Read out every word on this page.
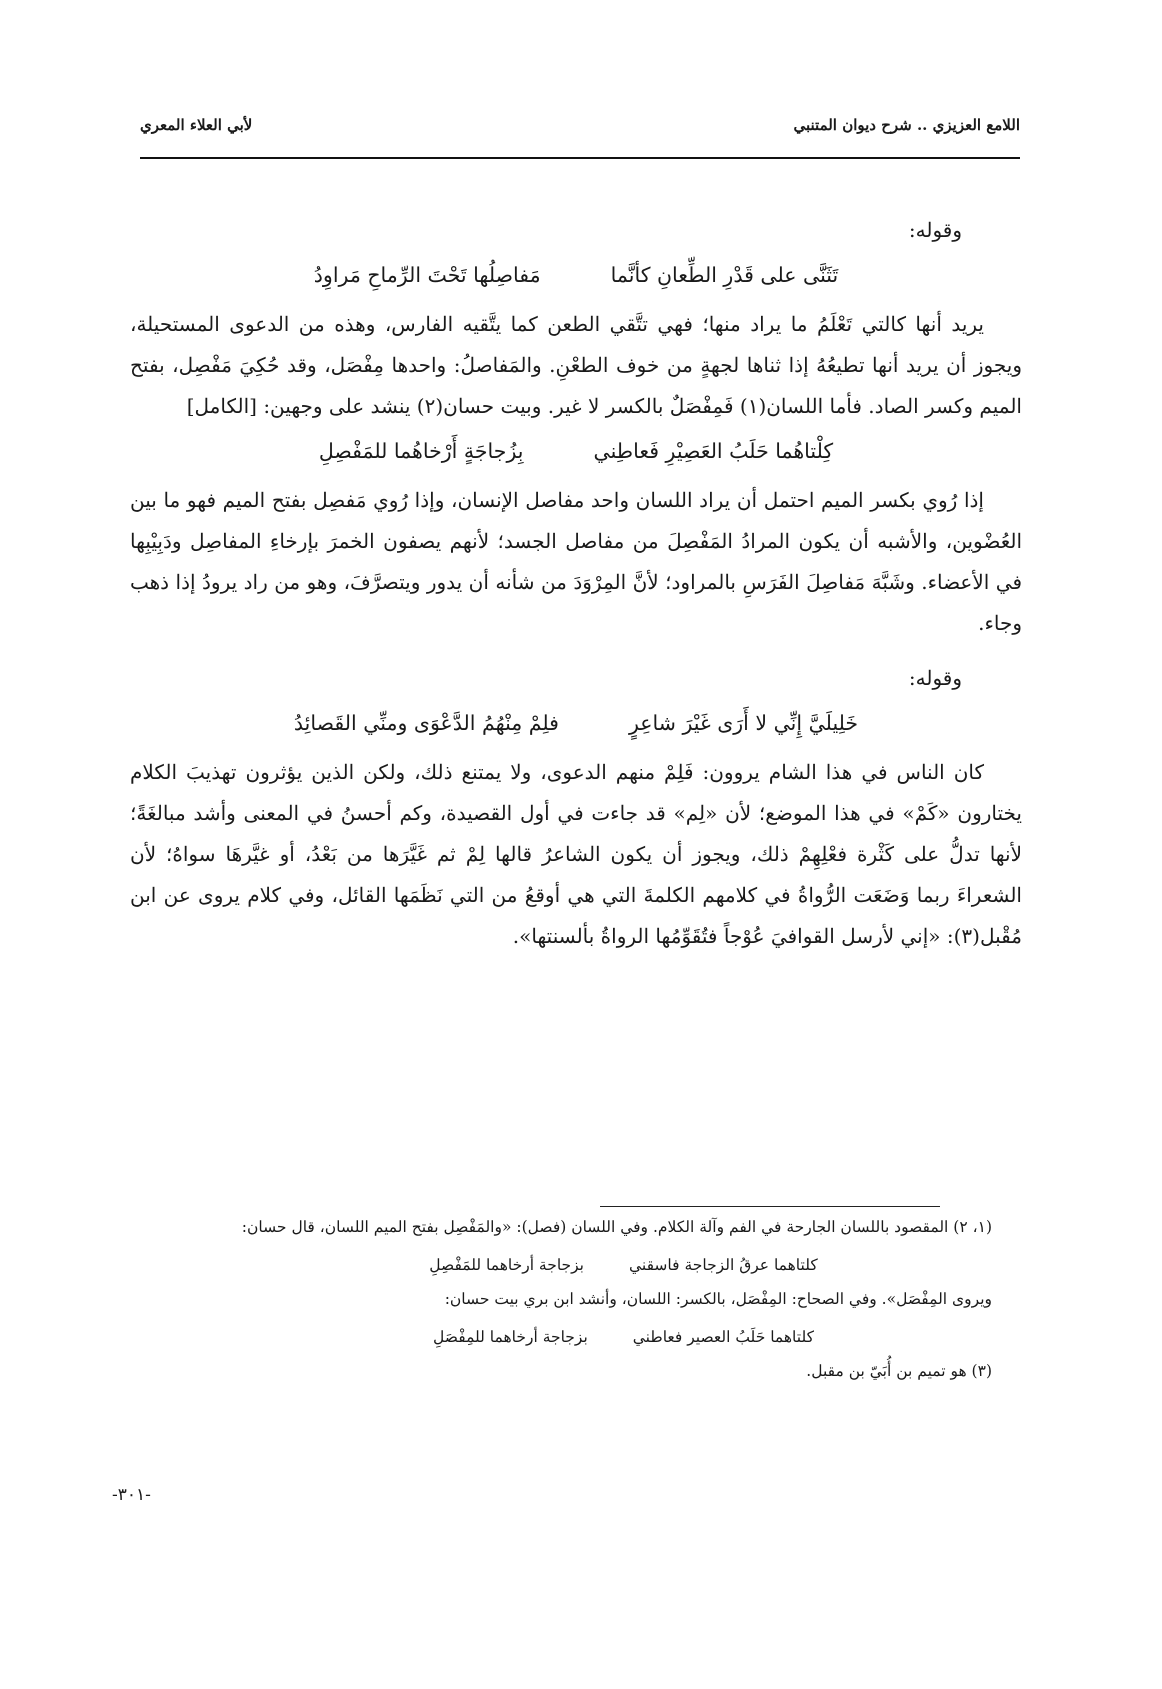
اللامع العزيزي .. شرح ديوان المتنبي
لأبي العلاء المعري

وقوله:

تَثَنَّى على قَدْرِ الطِّعانِ كأنَّما
مَفاصِلُها تَحْتَ الرِّماحِ مَراوِدُ

يريد أنها كالتي تَعْلَمُ ما يراد منها؛ فهي تتَّقي الطعن كما يتَّقيه الفارس، وهذه من الدعوى المستحيلة، ويجوز أن يريد أنها تطيعُهُ إذا ثناها لجهةٍ من خوف الطعْنِ. والمَفاصلُ: واحدها مِفْصَل، وقد حُكِيَ مَفْصِل، بفتح الميم وكسر الصاد. فأما اللسان(١) فَمِفْصَلٌ بالكسر لا غير. وبيت حسان(٢) ينشد على وجهين: [الكامل]

كِلْتاهُما حَلَبُ العَصِيْرِ فَعاطِني
بِزُجاجَةٍ أَرْخاهُما للمَفْصِلِ

إذا رُوي بكسر الميم احتمل أن يراد اللسان واحد مفاصل الإنسان، وإذا رُوي مَفصِل بفتح الميم فهو ما بين العُضْوين، والأشبه أن يكون المرادُ المَفْصِلَ من مفاصل الجسد؛ لأنهم يصفون الخمرَ بإرخاءِ المفاصِل ودَبِيْبِها في الأعضاء. وشَبَّهَ مَفاصِلَ الفَرَسِ بالمراود؛ لأنَّ المِرْوَدَ من شأنه أن يدور ويتصرَّفَ، وهو من راد يرودُ إذا ذهب وجاء.

وقوله:

خَلِيلَيَّ إِنِّي لا أَرَى غَيْرَ شاعِرٍ
فلِمْ مِنْهُمُ الدَّعْوَى ومنِّي القَصائِدُ

كان الناس في هذا الشام يروون: فَلِمْ منهم الدعوى، ولا يمتنع ذلك، ولكن الذين يؤثرون تهذيبَ الكلام يختارون «كَمْ» في هذا الموضع؛ لأن «لِم» قد جاءت في أول القصيدة، وكم أحسنُ في المعنى وأشد مبالغَةً؛ لأنها تدلُّ على كَثْرة فعْلِهِمْ ذلك، ويجوز أن يكون الشاعرُ قالها لِمْ ثم غَيَّرَها من بَعْدُ، أو غيَّرهَا سواهُ؛ لأن الشعراءَ ربما وَضَعَت الرُّواةُ في كلامهم الكلمةَ التي هي أوقعُ من التي نَظَمَها القائل، وفي كلام يروى عن ابن مُقْبل(٣): «إني لأرسل القوافيَ عُوْجاً فتُقَوِّمُها الرواةُ بألسنتها».

(١، ٢) المقصود باللسان الجارحة في الفم وآلة الكلام. وفي اللسان (فصل): «والمَفْصِل بفتح الميم اللسان، قال حسان:

كلتاهما عرقُ الزجاجة فاسقني
بزجاجة أرخاهما للمَفْصِلِ

ويروى المِفْصَل». وفي الصحاح: المِفْصَل، بالكسر: اللسان، وأنشد ابن بري بيت حسان:

كلتاهما حَلَبُ العصير فعاطني
بزجاجة أرخاهما للمِفْصَلِ

(٣) هو تميم بن أُبَيّ بن مقبل.

-٣٠١-
